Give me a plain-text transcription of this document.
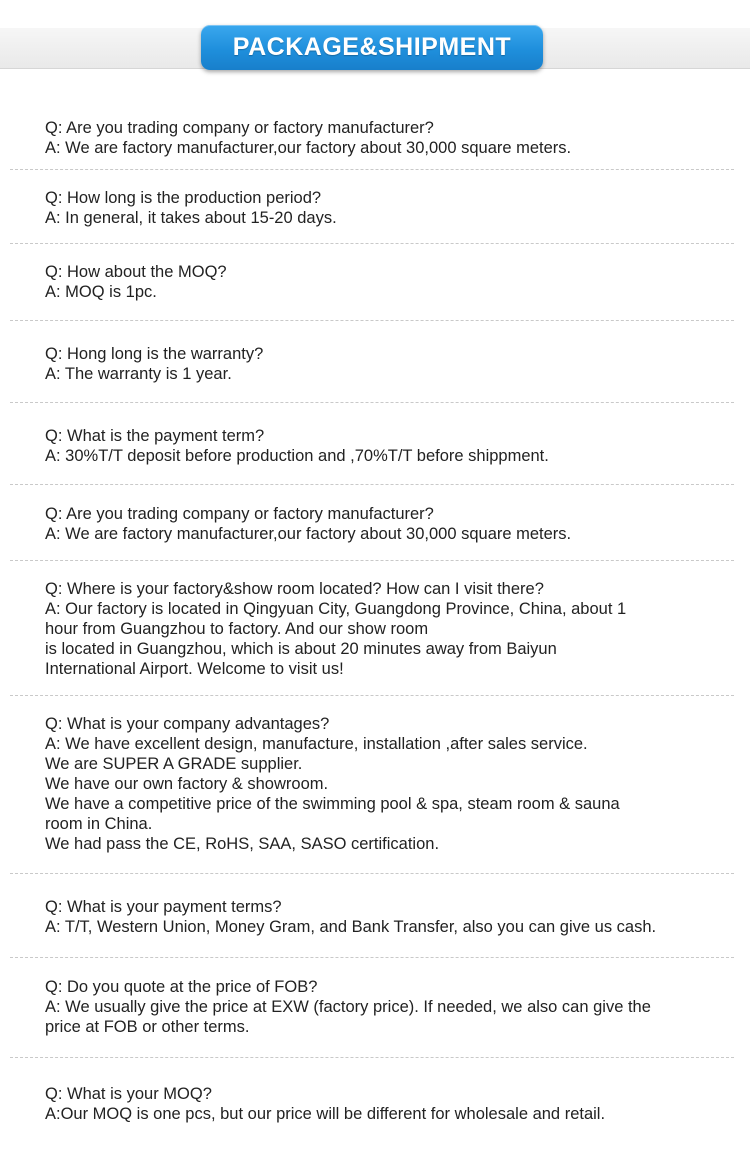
PACKAGE&SHIPMENT
Q: Are you trading company or factory manufacturer?
A: We are factory manufacturer,our factory about 30,000 square meters.
Q: How long is the production period?
A: In general, it takes about 15-20 days.
Q: How about the MOQ?
A: MOQ is 1pc.
Q: Hong long is the warranty?
A: The warranty is 1 year.
Q: What is the payment term?
A: 30%T/T deposit before production and ,70%T/T before shippment.
Q: Are you trading company or factory manufacturer?
A: We are factory manufacturer,our factory about 30,000 square meters.
Q: Where is your factory&show room located? How can I visit there?
A: Our factory is located in Qingyuan City, Guangdong Province, China, about 1
hour from Guangzhou to factory. And our show room
is located in Guangzhou, which is about 20 minutes away from Baiyun
International Airport. Welcome to visit us!
Q: What is your company advantages?
A: We have excellent design, manufacture, installation ,after sales service.
We are SUPER A GRADE supplier.
We have our own factory & showroom.
We have a competitive price of the swimming pool & spa, steam room & sauna
room in China.
We had pass the CE, RoHS, SAA, SASO certification.
Q: What is your payment terms?
A: T/T, Western Union, Money Gram, and Bank Transfer, also you can give us cash.
Q: Do you quote at the price of FOB?
A: We usually give the price at EXW (factory price). If needed, we also can give the
price at FOB or other terms.
Q: What is your MOQ?
A:Our MOQ is one pcs, but our price will be different for wholesale and retail.
